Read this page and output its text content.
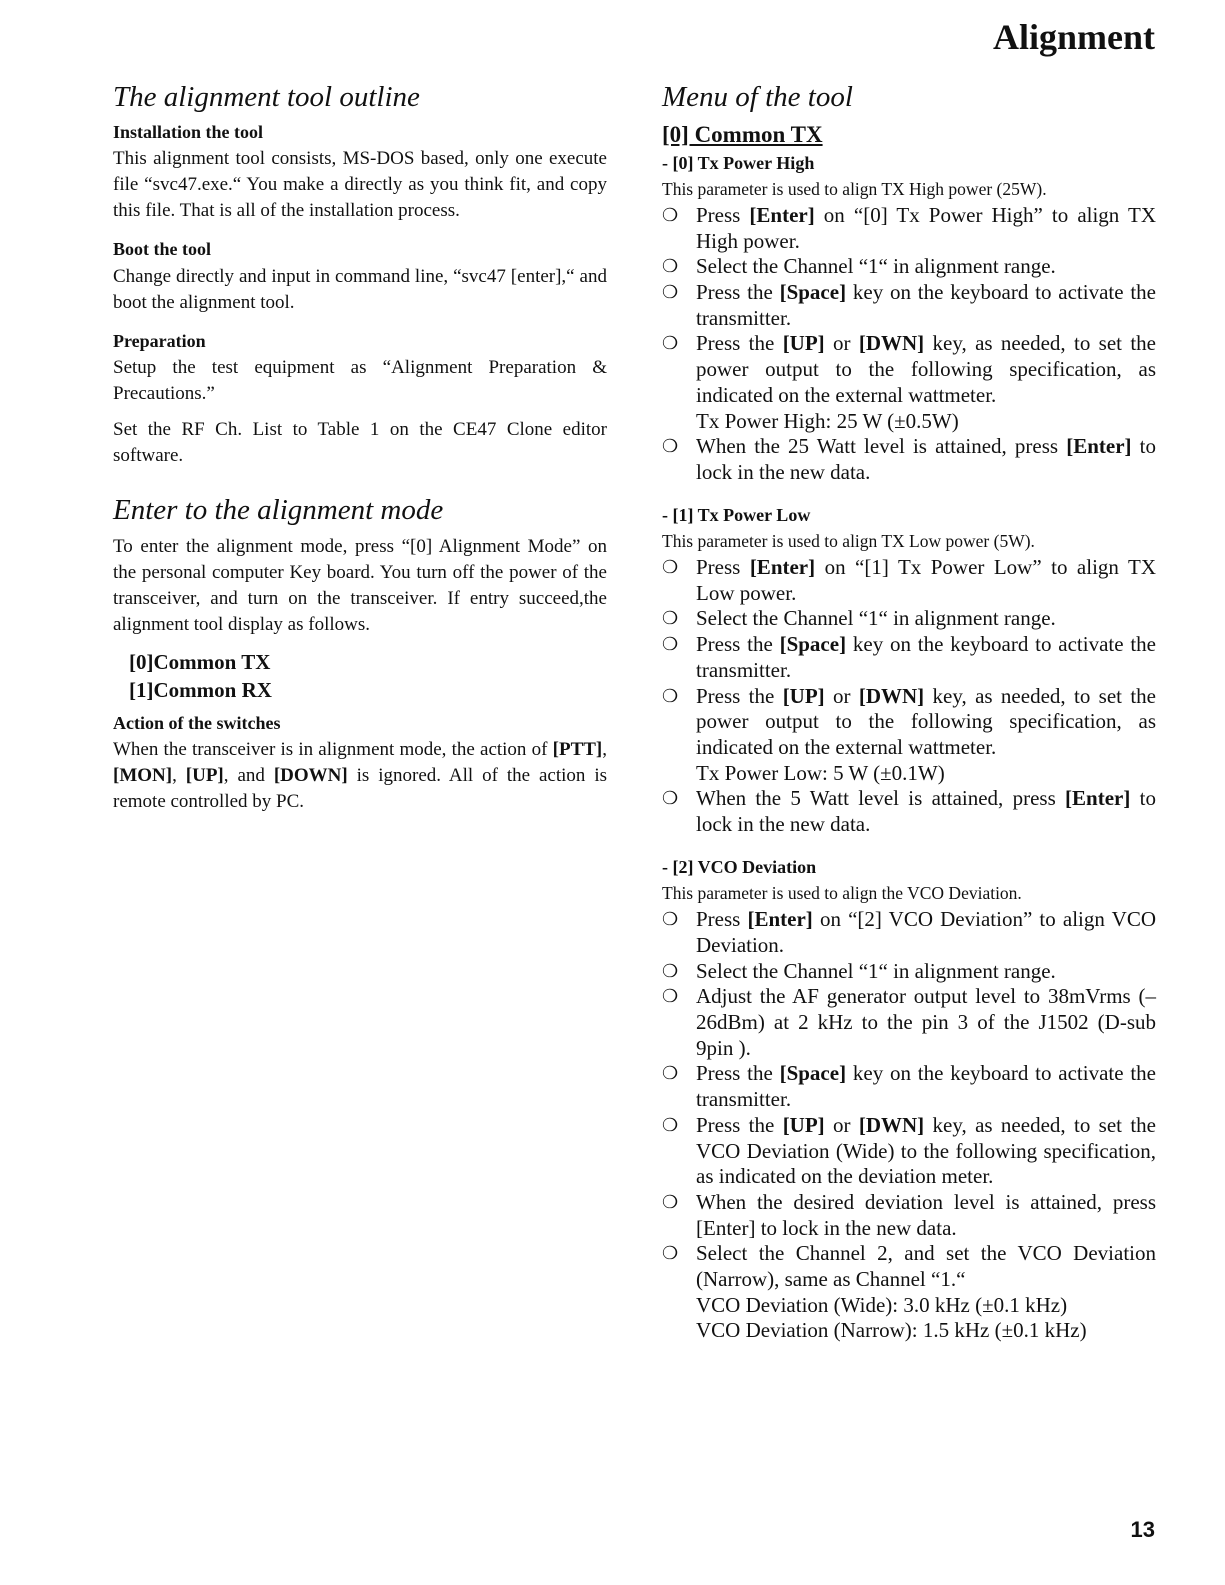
Alignment
The alignment tool outline
Installation the tool

This alignment tool consists, MS-DOS based, only one execute file “svc47.exe.“ You make a directly as you think fit, and copy this file. That is all of the installation process.

Boot the tool

Change directly and input in command line, “svc47 [enter],“ and boot the alignment tool.

Preparation

Setup the test equipment as “Alignment Preparation & Precautions.”

Set the RF Ch. List to Table 1 on the CE47 Clone editor software.

Enter to the alignment mode

To enter the alignment mode, press “[0] Alignment Mode” on the personal computer Key board. You turn off the power of the transceiver, and turn on the transceiver. If entry succeed,the alignment tool display as follows.

[0]Common TX
[1]Common RX
Action of the switches

When the transceiver is in alignment mode, the action of [PTT], [MON], [UP], and [DOWN] is ignored. All of the action is remote controlled by PC.

Menu of the tool
[0] Common TX
- [0] Tx Power High

This parameter is used to align TX High power (25W).

❍ Press [Enter] on “[0] Tx Power High” to align TX High power.
❍ Select the Channel “1“ in alignment range.
❍ Press the [Space] key on the keyboard to activate the transmitter.
❍ Press the [UP] or [DWN] key, as needed, to set the power output to the following specification, as indicated on the external wattmeter.
Tx Power High: 25 W (±0.5W)
❍ When the 25 Watt level is attained, press [Enter] to lock in the new data.
- [1] Tx Power Low

This parameter is used to align TX Low power (5W).

❍ Press [Enter] on “[1] Tx Power Low” to align TX Low power.
❍ Select the Channel “1“ in alignment range.
❍ Press the [Space] key on the keyboard to activate the transmitter.
❍ Press the [UP] or [DWN] key, as needed, to set the power output to the following specification, as indicated on the external wattmeter.
Tx Power Low: 5 W (±0.1W)
❍ When the 5 Watt level is attained, press [Enter] to lock in the new data.
- [2] VCO Deviation

This parameter is used to align the VCO Deviation.

❍ Press [Enter] on “[2] VCO Deviation” to align VCO Deviation.
❍ Select the Channel “1“ in alignment range.
❍ Adjust the AF generator output level to 38mVrms (–26dBm) at 2 kHz to the pin 3 of the J1502 (D-sub 9pin ).
❍ Press the [Space] key on the keyboard to activate the transmitter.
❍ Press the [UP] or [DWN] key, as needed, to set the VCO Deviation (Wide) to the following specification, as indicated on the deviation meter.
❍ When the desired deviation level is attained, press [Enter] to lock in the new data.
❍ Select the Channel 2, and set the VCO Deviation (Narrow), same as Channel “1.“
VCO Deviation (Wide): 3.0 kHz (±0.1 kHz)
VCO Deviation (Narrow): 1.5 kHz (±0.1 kHz)
13
